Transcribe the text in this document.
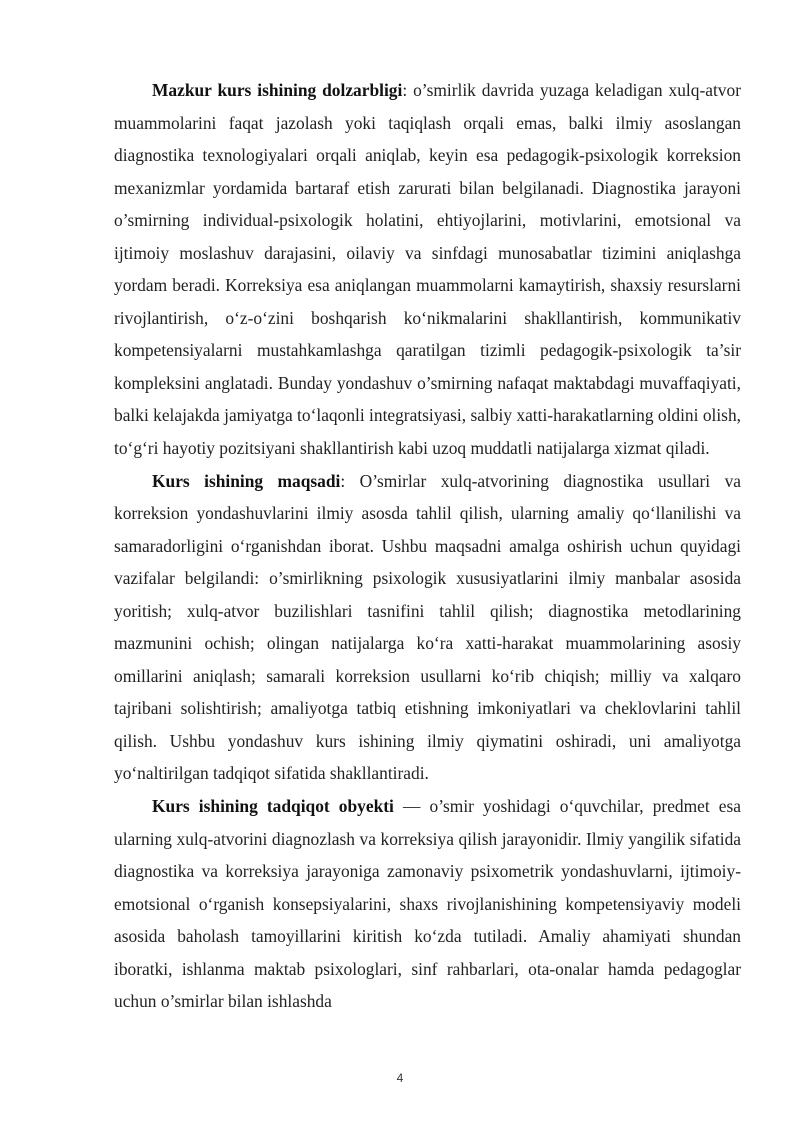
Mazkur kurs ishining dolzarbligi: o’smirlik davrida yuzaga keladigan xulq-atvor muammolarini faqat jazolash yoki taqiqlash orqali emas, balki ilmiy asoslangan diagnostika texnologiyalari orqali aniqlab, keyin esa pedagogik-psixologik korreksion mexanizmlar yordamida bartaraf etish zarurati bilan belgilanadi. Diagnostika jarayoni o’smirning individual-psixologik holatini, ehtiyojlarini, motivlarini, emotsional va ijtimoiy moslashuv darajasini, oilaviy va sinfdagi munosabatlar tizimini aniqlashga yordam beradi. Korreksiya esa aniqlangan muammolarni kamaytirish, shaxsiy resurslarni rivojlantirish, o‘z-o‘zini boshqarish ko‘nikmalarini shakllantirish, kommunikativ kompetensiyalarni mustahkamlashga qaratilgan tizimli pedagogik-psixologik ta’sir kompleksini anglatadi. Bunday yondashuv o’smirning nafaqat maktabdagi muvaffaqiyati, balki kelajakda jamiyatga to‘laqonli integratsiyasi, salbiy xatti-harakatlarning oldini olish, to‘g‘ri hayotiy pozitsiyani shakllantirish kabi uzoq muddatli natijalarga xizmat qiladi.

Kurs ishining maqsadi: O’smirlar xulq-atvorining diagnostika usullari va korreksion yondashuvlarini ilmiy asosda tahlil qilish, ularning amaliy qo‘llanilishi va samaradorligini o‘rganishdan iborat. Ushbu maqsadni amalga oshirish uchun quyidagi vazifalar belgilandi: o’smirlikning psixologik xususiyatlarini ilmiy manbalar asosida yoritish; xulq-atvor buzilishlari tasnifini tahlil qilish; diagnostika metodlarining mazmunini ochish; olingan natijalarga ko‘ra xatti-harakat muammolarining asosiy omillarini aniqlash; samarali korreksion usullarni ko‘rib chiqish; milliy va xalqaro tajribani solishtirish; amaliyotga tatbiq etishning imkoniyatlari va cheklovlarini tahlil qilish. Ushbu yondashuv kurs ishining ilmiy qiymatini oshiradi, uni amaliyotga yo‘naltirilgan tadqiqot sifatida shakllantiradi.

Kurs ishining tadqiqot obyekti — o’smir yoshidagi o‘quvchilar, predmet esa ularning xulq-atvorini diagnozlash va korreksiya qilish jarayonidir. Ilmiy yangilik sifatida diagnostika va korreksiya jarayoniga zamonaviy psixometrik yondashuvlarni, ijtimoiy-emotsional o‘rganish konsepsiyalarini, shaxs rivojlanishining kompetensiyaviy modeli asosida baholash tamoyillarini kiritish ko‘zda tutiladi. Amaliy ahamiyati shundan iboratki, ishlanma maktab psixologlari, sinf rahbarlari, ota-onalar hamda pedagoglar uchun o’smirlar bilan ishlashda

4
